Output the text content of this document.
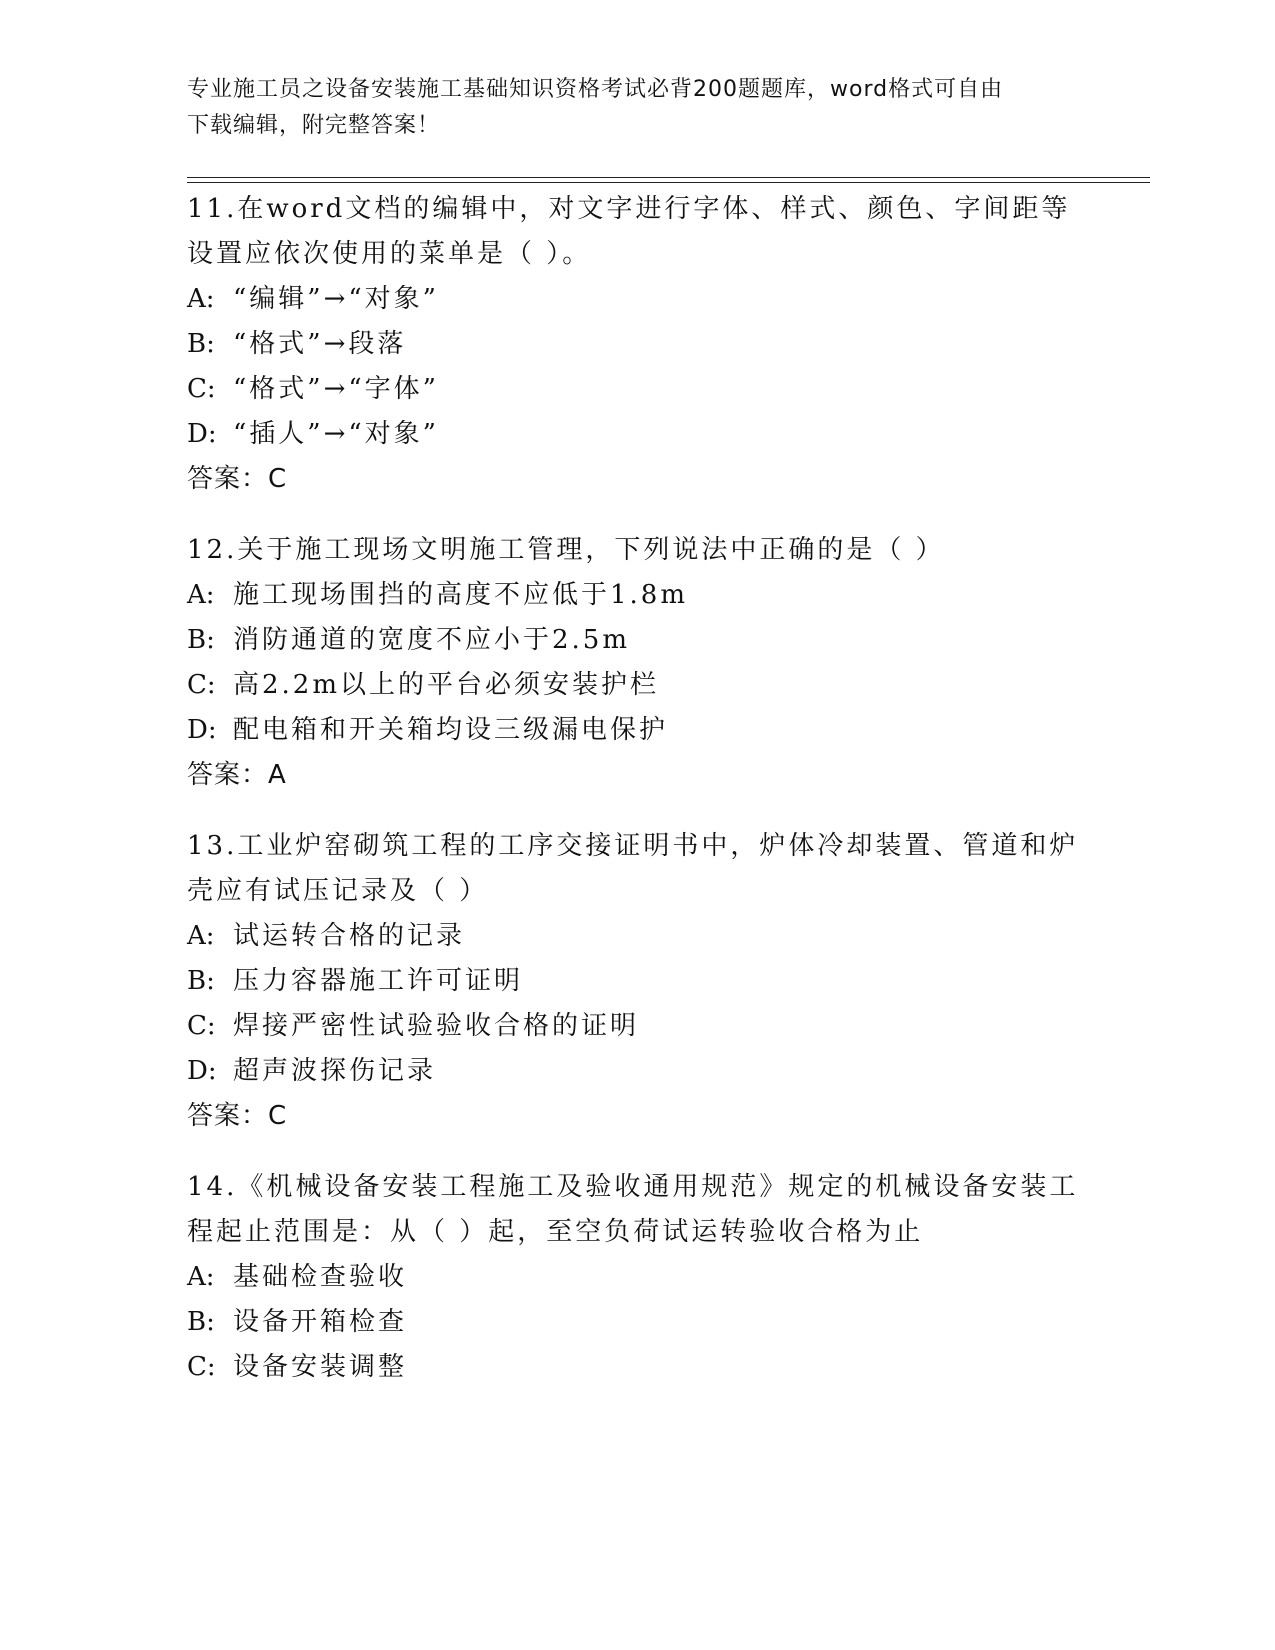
专业施工员之设备安装施工基础知识资格考试必背200题题库，word格式可自由
下载编辑，附完整答案！
11.在word文档的编辑中，对文字进行字体、样式、颜色、字间距等
设置应依次使用的菜单是（ ）。
A: “编辑”→“对象”
B: “格式”→段落
C: “格式”→“字体”
D: “插人”→“对象”
答案：C
12.关于施工现场文明施工管理，下列说法中正确的是（ ）
A: 施工现场围挡的高度不应低于1.8m
B: 消防通道的宽度不应小于2.5m
C: 高2.2m以上的平台必须安装护栏
D: 配电箱和开关箱均设三级漏电保护
答案：A
13.工业炉窑砌筑工程的工序交接证明书中，炉体冷却装置、管道和炉
壳应有试压记录及（ ）
A: 试运转合格的记录
B: 压力容器施工许可证明
C: 焊接严密性试验验收合格的证明
D: 超声波探伤记录
答案：C
14.《机械设备安装工程施工及验收通用规范》规定的机械设备安装工
程起止范围是：从（ ）起，至空负荷试运转验收合格为止
A: 基础检查验收
B: 设备开箱检查
C: 设备安装调整
